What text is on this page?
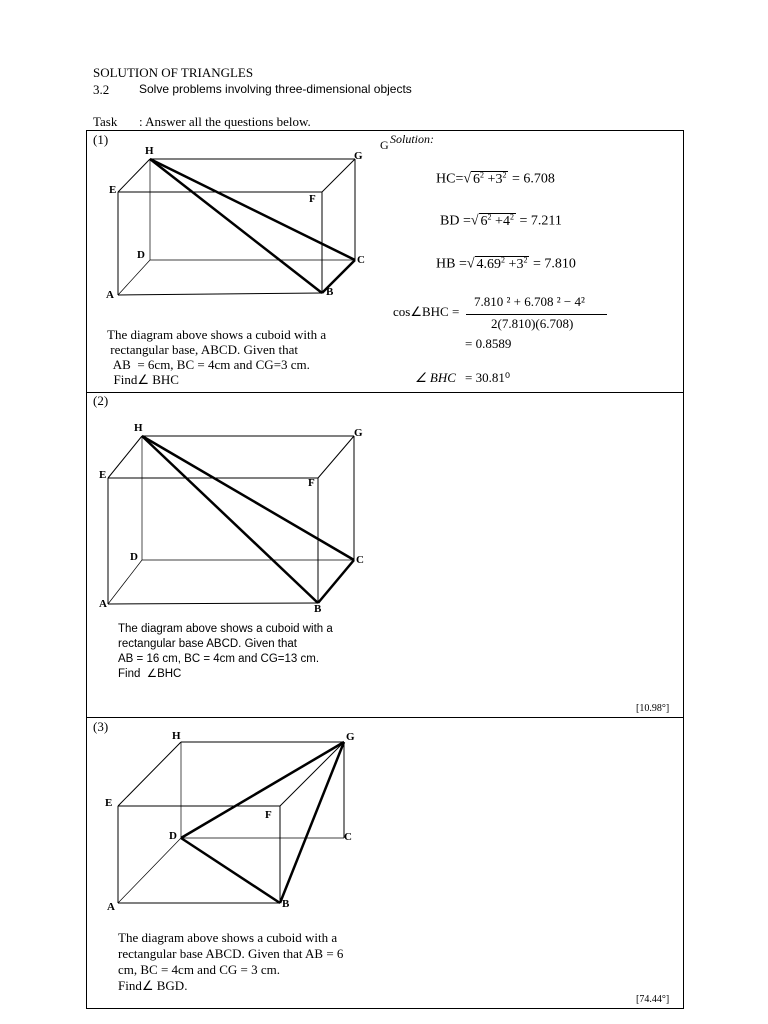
SOLUTION OF TRIANGLES
3.2 Solve problems involving three-dimensional objects
Task : Answer all the questions below.
(1)
H	G
E
F
D	C
A	B
The diagram above shows a cuboid with a
rectangular base, ABCD. Given that
AB  = 6cm, BC = 4cm and CG=3 cm.
Find∠ BHC
G Solution:
HC=√ $6^2 +3^2 = 6.708$
BD =√ $6^2 +4^2 = 7.211$
HB =√ $4.69^2 +3^2 = 7.810$
cos∠BHC =
7.810 ² + 6.708 ² − 4²
2(7.810)(6.708)
= 0.8589
∠ BHC = 30.81⁰
(2)
H	G
E
F
D	C
A	B
The diagram above shows a cuboid with a
rectangular base ABCD. Given that
AB = 16 cm, BC = 4cm and CG=13 cm.
Find  ∠BHC
[10.98°]
(3)
H	G
E
F
D	C
A	B
The diagram above shows a cuboid with a
rectangular base ABCD. Given that AB = 6
cm, BC = 4cm and CG = 3 cm.
Find∠ BGD.
[74.44°]
